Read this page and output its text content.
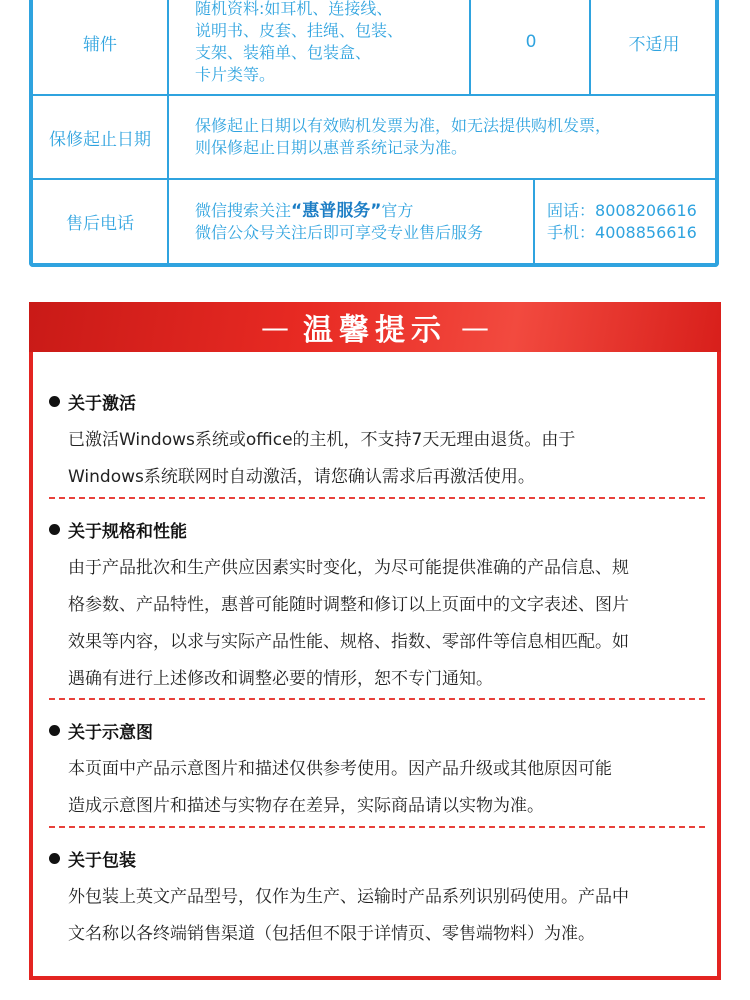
辅件
随机资料:如耳机、连接线、
说明书、皮套、挂绳、包装、
支架、装箱单、包装盒、
卡片类等。
0	不适用
保修起止日期
保修起止日期以有效购机发票为准，如无法提供购机发票，
则保修起止日期以惠普系统记录为准。
售后电话
微信搜索关注“惠普服务”官方
微信公众号关注后即可享受专业售后服务
固话：8008206616
手机：4008856616
— 温馨提示 —
关于激活
已激活Windows系统或office的主机，不支持7天无理由退货。由于
Windows系统联网时自动激活，请您确认需求后再激活使用。
关于规格和性能
由于产品批次和生产供应因素实时变化，为尽可能提供准确的产品信息、规
格参数、产品特性，惠普可能随时调整和修订以上页面中的文字表述、图片
效果等内容，以求与实际产品性能、规格、指数、零部件等信息相匹配。如
遇确有进行上述修改和调整必要的情形，恕不专门通知。
关于示意图
本页面中产品示意图片和描述仅供参考使用。因产品升级或其他原因可能
造成示意图片和描述与实物存在差异，实际商品请以实物为准。
关于包装
外包装上英文产品型号，仅作为生产、运输时产品系列识别码使用。产品中
文名称以各终端销售渠道（包括但不限于详情页、零售端物料）为准。
